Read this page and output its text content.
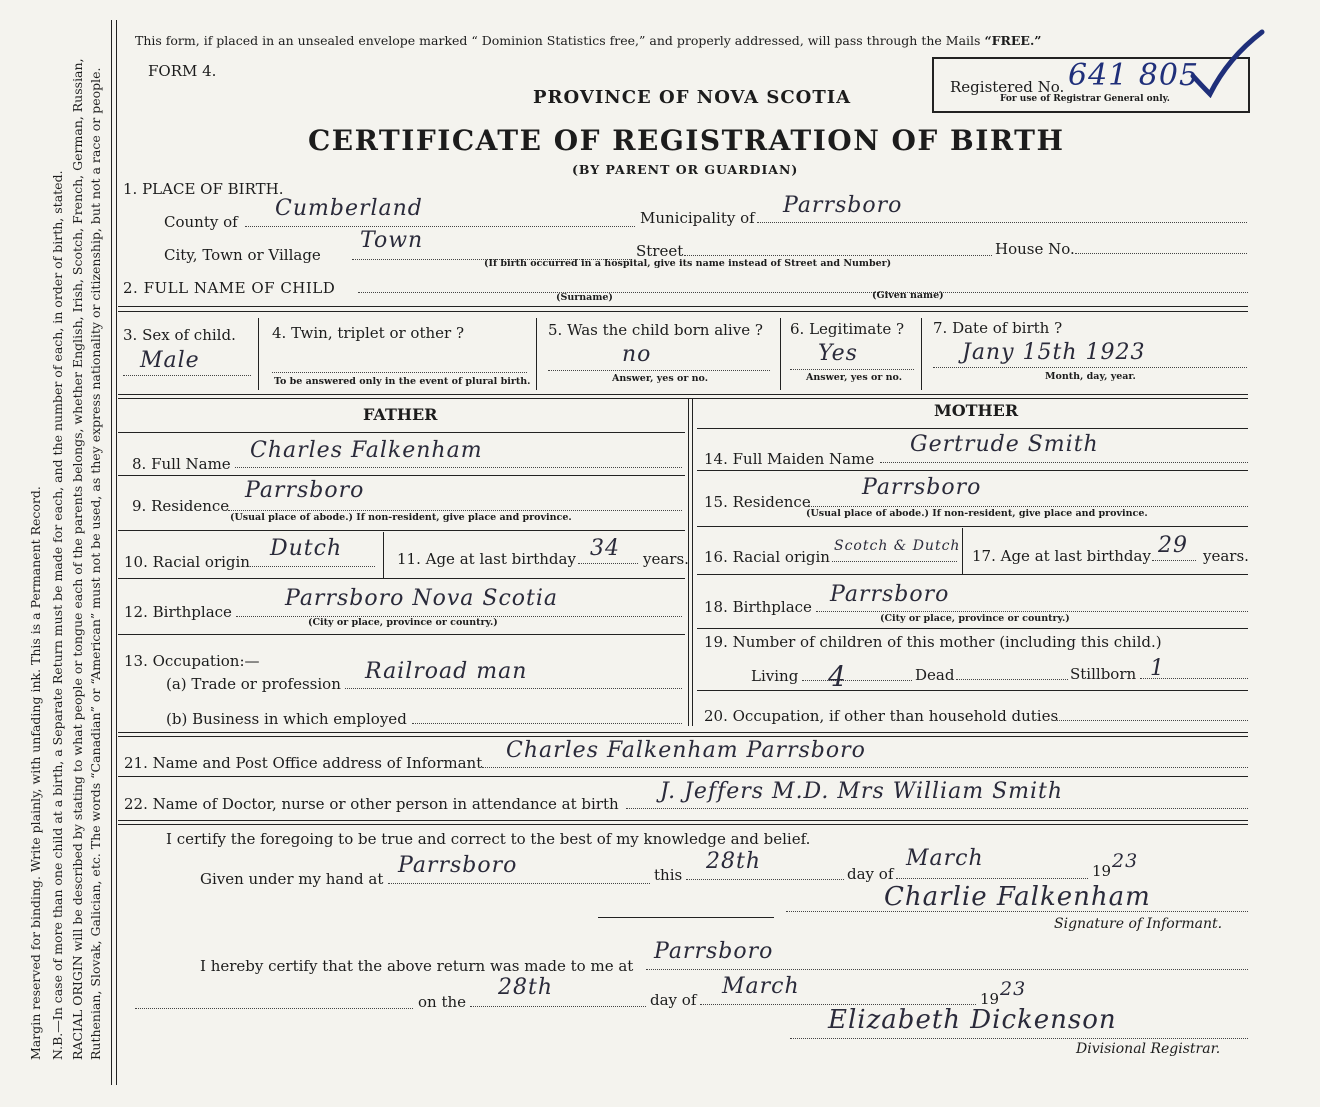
Margin reserved for binding. Write plainly, with unfading ink. This is a Permanent Record. N.B.—In case of more than one child at a birth, a Separate Return must be made for each, and the number of each, in order of birth, stated. RACIAL ORIGIN will be described by stating to what people or tongue each of the parents belongs, whether English, Irish, Scotch, French, German, Russian, Ruthenian, Slovak, Galician, etc. The words “Canadian” or “American” must not be used, as they express nationality or citizenship, but not a race or people.
This form, if placed in an unsealed envelope marked “ Dominion Statistics free,” and properly addressed, will pass through the Mails “FREE.”
FORM 4.
Registered No. 641 805
For use of Registrar General only.
PROVINCE OF NOVA SCOTIA
CERTIFICATE OF REGISTRATION OF BIRTH
(BY PARENT OR GUARDIAN)
1. PLACE OF BIRTH.
County of
Cumberland	Municipality of Parrsboro
City, Town or Village
Town	Street	House No.
(If birth occurred in a hospital, give its name instead of Street and Number)
2. FULL NAME OF CHILD
(Surname)	(Given name)
3. Sex of child.
Male
4. Twin, triplet or other ?
To be answered only in the event of plural birth.
5. Was the child born alive ?
no
Answer, yes or no.
6. Legitimate ?
Yes
Answer, yes or no.
7. Date of birth ?
Jany 15th 1923
Month, day, year.
FATHER	MOTHER
8. Full Name
Charles Falkenham
9. Residence
Parrsboro
(Usual place of abode.) If non-resident, give place and province.
10. Racial origin
Dutch	11. Age at last birthday 34 years.
12. Birthplace
Parrsboro Nova Scotia
(City or place, province or country.)
13. Occupation:—
(a) Trade or profession Railroad man
(b) Business in which employed
14. Full Maiden Name
Gertrude Smith
15. Residence
Parrsboro
(Usual place of abode.) If non-resident, give place and province.
16. Racial origin
Scotch & Dutch
17. Age at last birthday 29 years.
18. Birthplace Parrsboro
(City or place, province or country.)
19. Number of children of this mother (including this child.)
Living 4	Dead	Stillborn 1
20. Occupation, if other than household duties
21. Name and Post Office address of Informant Charles Falkenham Parrsboro
22. Name of Doctor, nurse or other person in attendance at birth J. Jeffers M.D. Mrs William Smith
I certify the foregoing to be true and correct to the best of my knowledge and belief.
Given under my hand at
Parrsboro	this
28th	day of
March	19 23
Charlie Falkenham
Signature of Informant.
I hereby certify that the above return was made to me at
Parrsboro
on the
28th	day of
March	19 23
Elizabeth Dickenson
Divisional Registrar.
